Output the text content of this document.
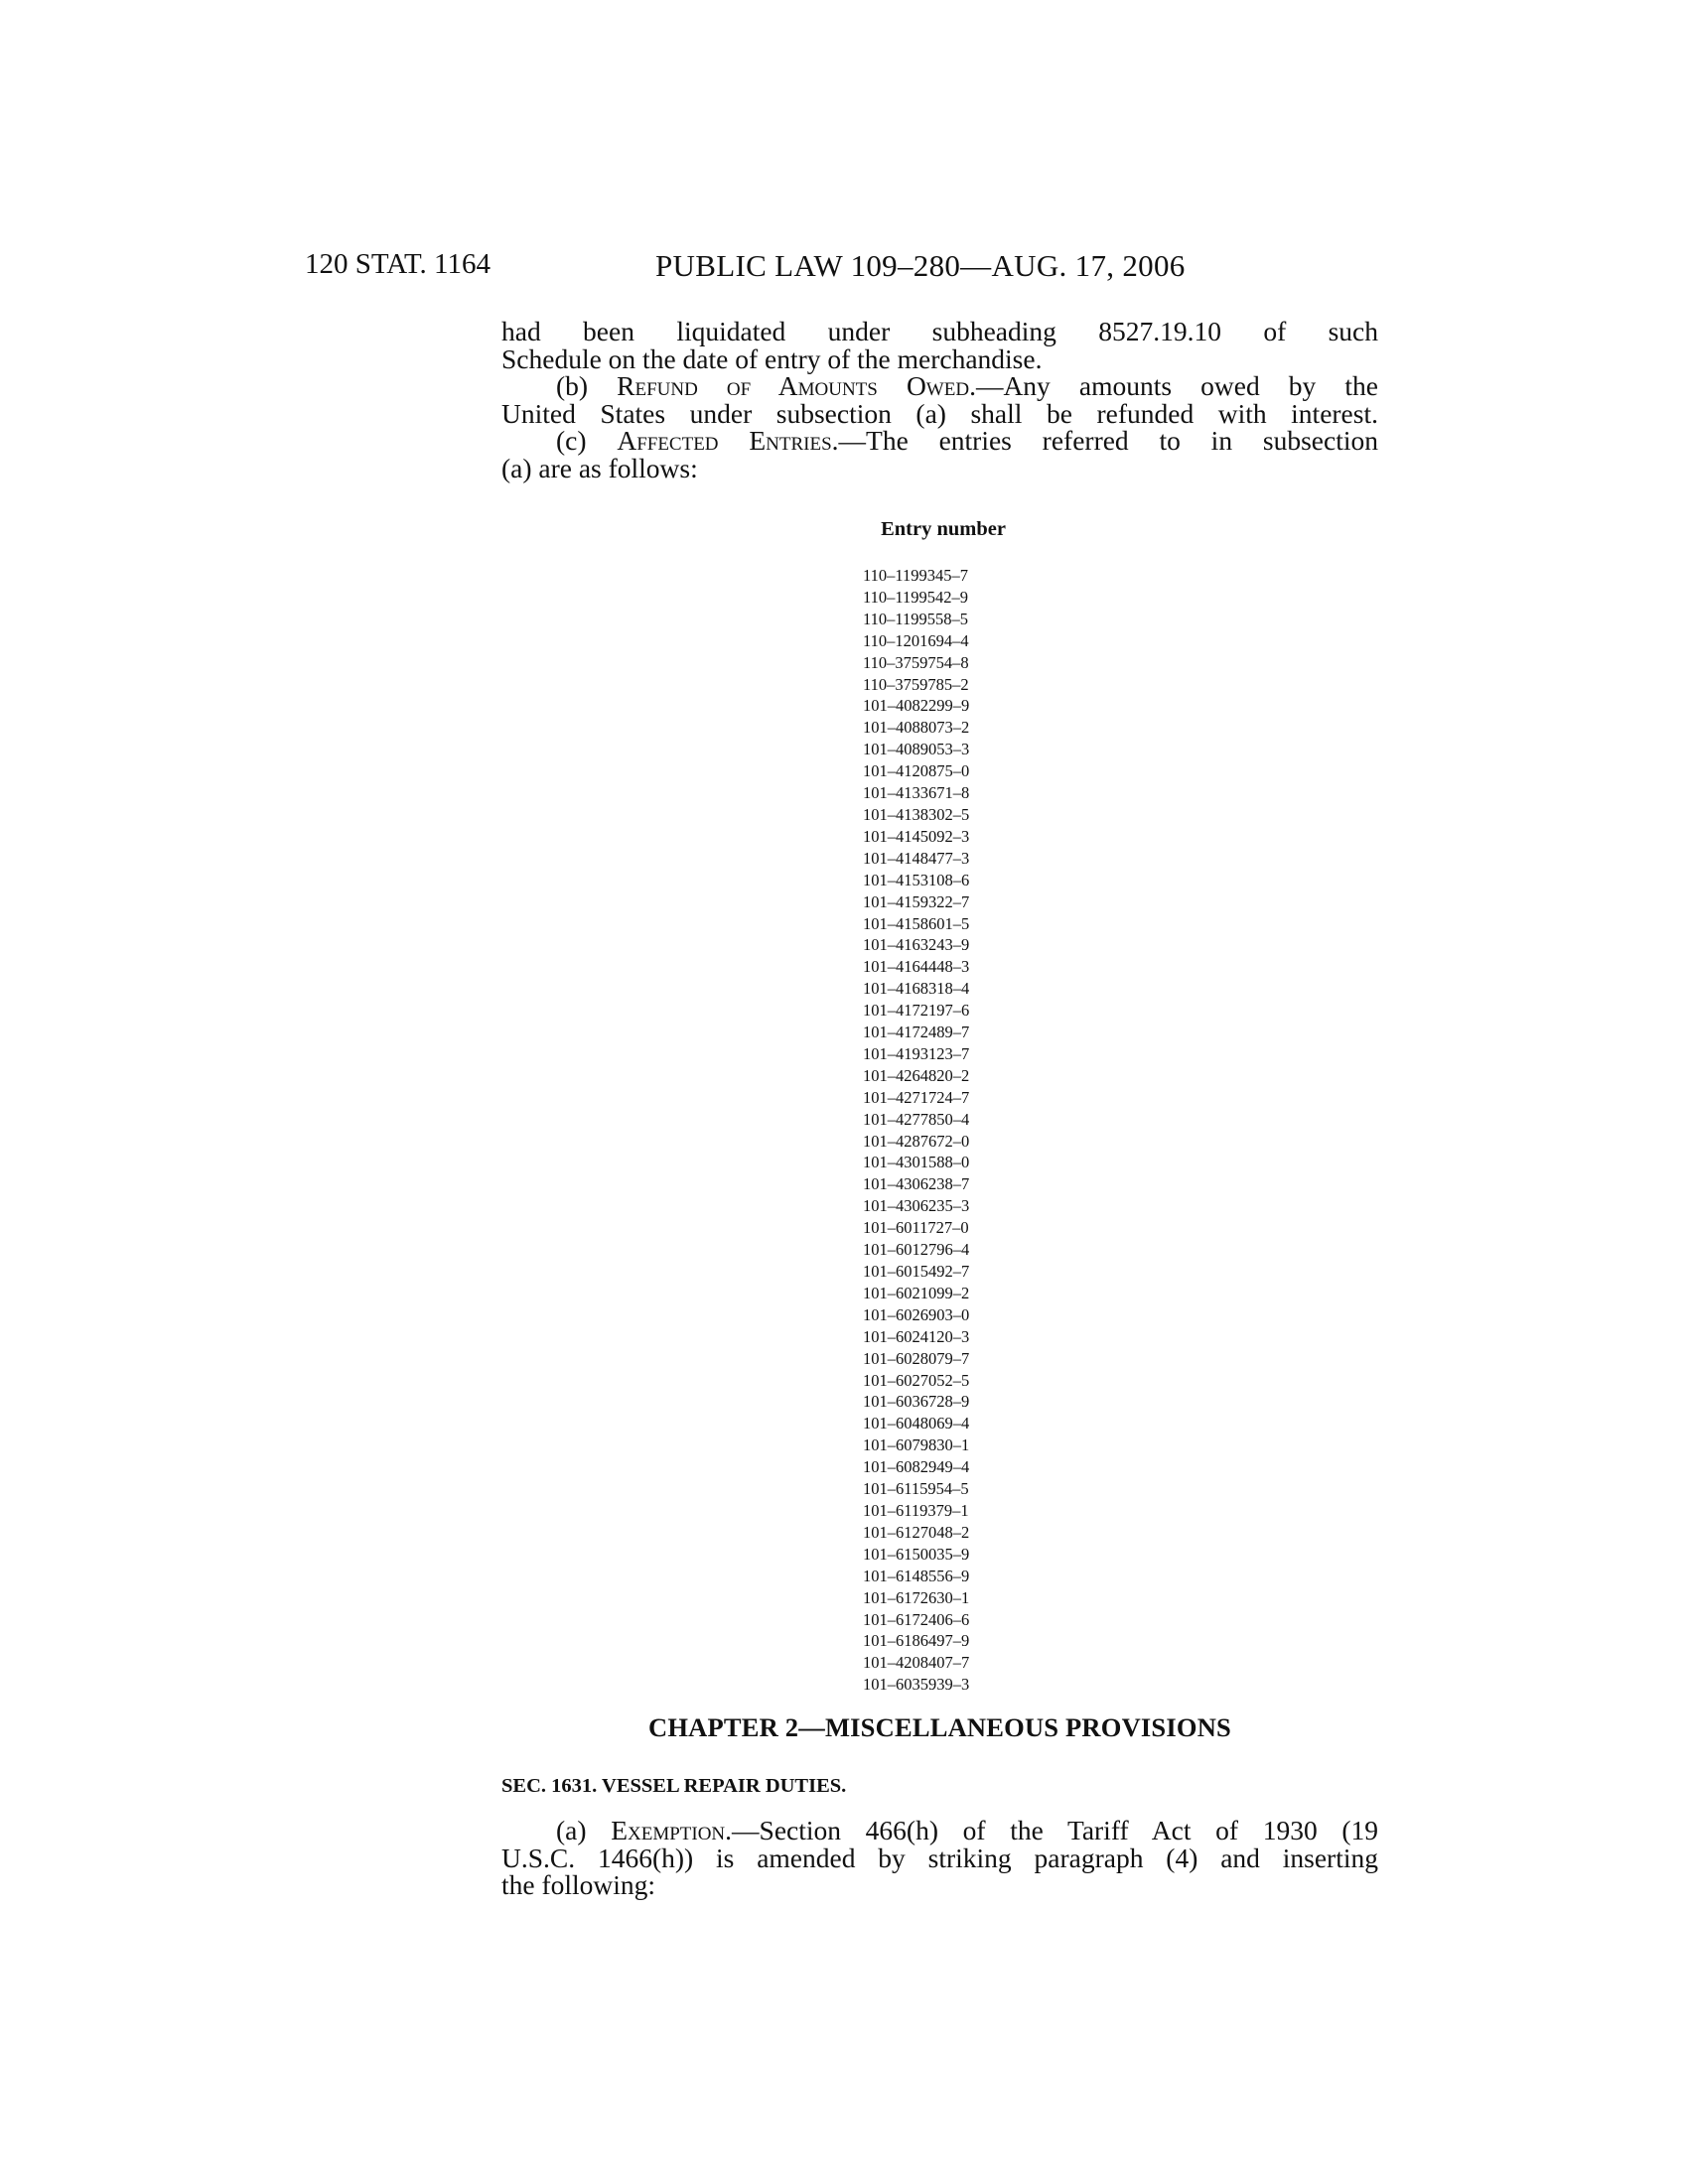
120 STAT. 1164	PUBLIC LAW 109–280—AUG. 17, 2006
had been liquidated under subheading 8527.19.10 of such
Schedule on the date of entry of the merchandise.
(b) Refund of Amounts Owed.—Any amounts owed by the
United States under subsection (a) shall be refunded with interest.
(c) Affected Entries.—The entries referred to in subsection
(a) are as follows:
Entry number
110–1199345–7
110–1199542–9
110–1199558–5
110–1201694–4
110–3759754–8
110–3759785–2
101–4082299–9
101–4088073–2
101–4089053–3
101–4120875–0
101–4133671–8
101–4138302–5
101–4145092–3
101–4148477–3
101–4153108–6
101–4159322–7
101–4158601–5
101–4163243–9
101–4164448–3
101–4168318–4
101–4172197–6
101–4172489–7
101–4193123–7
101–4264820–2
101–4271724–7
101–4277850–4
101–4287672–0
101–4301588–0
101–4306238–7
101–4306235–3
101–6011727–0
101–6012796–4
101–6015492–7
101–6021099–2
101–6026903–0
101–6024120–3
101–6028079–7
101–6027052–5
101–6036728–9
101–6048069–4
101–6079830–1
101–6082949–4
101–6115954–5
101–6119379–1
101–6127048–2
101–6150035–9
101–6148556–9
101–6172630–1
101–6172406–6
101–6186497–9
101–4208407–7
101–6035939–3
CHAPTER 2—MISCELLANEOUS PROVISIONS
SEC. 1631. VESSEL REPAIR DUTIES.
(a) Exemption.—Section 466(h) of the Tariff Act of 1930 (19
U.S.C. 1466(h)) is amended by striking paragraph (4) and inserting
the following:
